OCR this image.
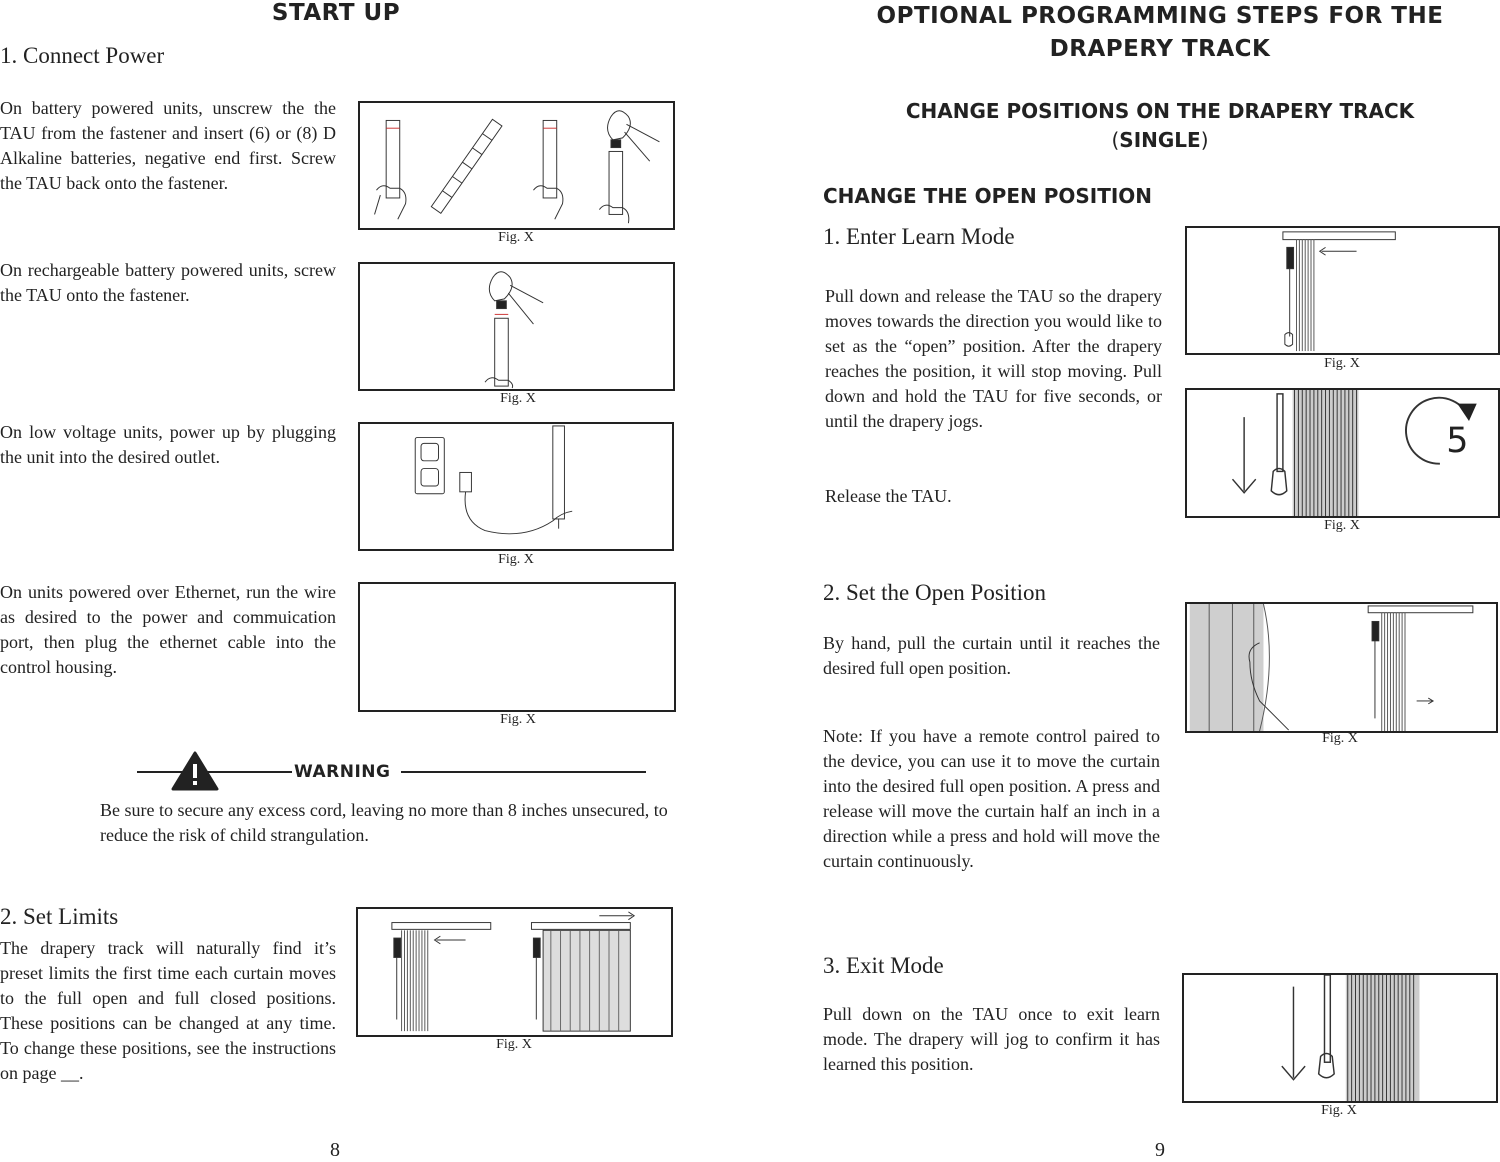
START UP
1. Connect Power
On battery powered units, unscrew the the TAU from the fastener and insert (6) or (8) D Alkaline batteries, negative end first. Screw the TAU back onto the fastener.
Fig. X
On rechargeable battery powered units, screw the TAU onto the fastener.
Fig. X
On low voltage units, power up by plugging the unit into the desired outlet.
Fig. X
On units powered over Ethernet, run the wire as desired to the power and commuication port, then plug the ethernet cable into the control housing.
Fig. X
WARNING
Be sure to secure any excess cord, leaving no more than 8 inches unsecured, to reduce the risk of child strangulation.
2. Set Limits
The drapery track will naturally find it’s preset limits the first time each curtain moves to the full open and full closed positions. These positions can be changed at any time. To change these positions, see the instructions on page __.
Fig. X
8
OPTIONAL PROGRAMMING STEPS FOR THE DRAPERY TRACK
CHANGE POSITIONS ON THE DRAPERY TRACK
(SINGLE)
CHANGE THE OPEN POSITION
1. Enter Learn Mode
Pull down and release the TAU so the drapery moves towards the direction you would like to set as the “open” position. After the drapery reaches the position, it will stop moving. Pull down and hold the TAU for five seconds, or until the drapery jogs.
Release the TAU.
Fig. X
5
Fig. X
2. Set the Open Position
By hand, pull the curtain until it reaches the desired full open position.
Note: If you have a remote control paired to the device, you can use it to move the curtain into the desired full open position. A press and release will move the curtain half an inch in a direction while a press and hold will move the curtain continuously.
Fig. X
3. Exit Mode
Pull down on the TAU once to exit learn mode. The drapery will jog to confirm it has learned this position.
Fig. X
9
